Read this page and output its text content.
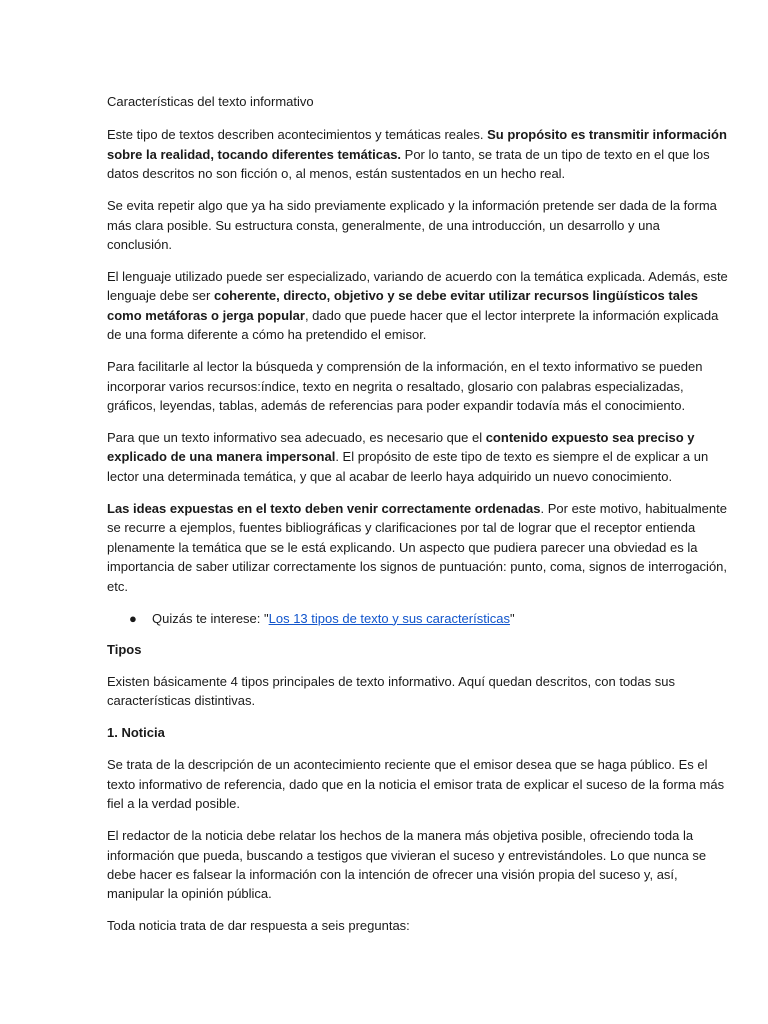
Características del texto informativo

Este tipo de textos describen acontecimientos y temáticas reales. Su propósito es transmitir información sobre la realidad, tocando diferentes temáticas. Por lo tanto, se trata de un tipo de texto en el que los datos descritos no son ficción o, al menos, están sustentados en un hecho real.

Se evita repetir algo que ya ha sido previamente explicado y la información pretende ser dada de la forma más clara posible. Su estructura consta, generalmente, de una introducción, un desarrollo y una conclusión.

El lenguaje utilizado puede ser especializado, variando de acuerdo con la temática explicada. Además, este lenguaje debe ser coherente, directo, objetivo y se debe evitar utilizar recursos lingüísticos tales como metáforas o jerga popular, dado que puede hacer que el lector interprete la información explicada de una forma diferente a cómo ha pretendido el emisor.

Para facilitarle al lector la búsqueda y comprensión de la información, en el texto informativo se pueden incorporar varios recursos:índice, texto en negrita o resaltado, glosario con palabras especializadas, gráficos, leyendas, tablas, además de referencias para poder expandir todavía más el conocimiento.

Para que un texto informativo sea adecuado, es necesario que el contenido expuesto sea preciso y explicado de una manera impersonal. El propósito de este tipo de texto es siempre el de explicar a un lector una determinada temática, y que al acabar de leerlo haya adquirido un nuevo conocimiento.

Las ideas expuestas en el texto deben venir correctamente ordenadas. Por este motivo, habitualmente se recurre a ejemplos, fuentes bibliográficas y clarificaciones por tal de lograr que el receptor entienda plenamente la temática que se le está explicando. Un aspecto que pudiera parecer una obviedad es la importancia de saber utilizar correctamente los signos de puntuación: punto, coma, signos de interrogación, etc.

● Quizás te interese: "Los 13 tipos de texto y sus características"

Tipos

Existen básicamente 4 tipos principales de texto informativo. Aquí quedan descritos, con todas sus características distintivas.

1. Noticia

Se trata de la descripción de un acontecimiento reciente que el emisor desea que se haga público. Es el texto informativo de referencia, dado que en la noticia el emisor trata de explicar el suceso de la forma más fiel a la verdad posible.

El redactor de la noticia debe relatar los hechos de la manera más objetiva posible, ofreciendo toda la información que pueda, buscando a testigos que vivieran el suceso y entrevistándoles. Lo que nunca se debe hacer es falsear la información con la intención de ofrecer una visión propia del suceso y, así, manipular la opinión pública.

Toda noticia trata de dar respuesta a seis preguntas:
